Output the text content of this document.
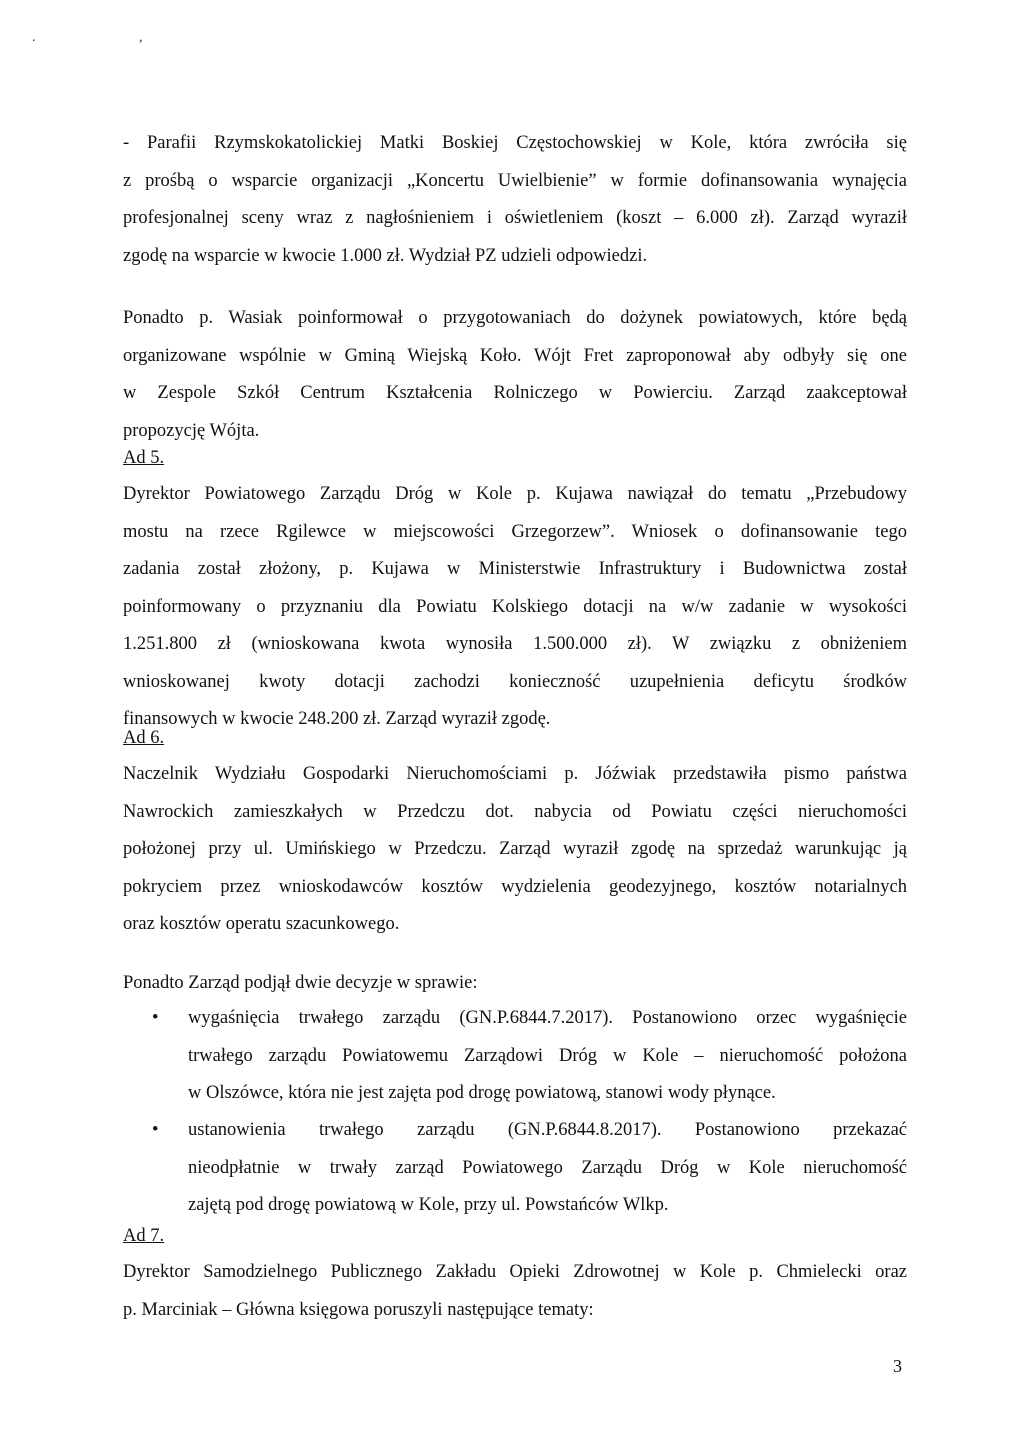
. ,
- Parafii Rzymskokatolickiej Matki Boskiej Częstochowskiej w Kole, która zwróciła się
z prośbą o wsparcie organizacji „Koncertu Uwielbienie” w formie dofinansowania wynajęcia
profesjonalnej sceny wraz z nagłośnieniem i oświetleniem (koszt – 6.000 zł). Zarząd wyraził
zgodę na wsparcie w kwocie 1.000 zł. Wydział PZ udzieli odpowiedzi.
Ponadto p. Wasiak poinformował o przygotowaniach do dożynek powiatowych, które będą
organizowane wspólnie w Gminą Wiejską Koło. Wójt Fret zaproponował aby odbyły się one
w Zespole Szkół Centrum Kształcenia Rolniczego w Powierciu. Zarząd zaakceptował
propozycję Wójta.
Ad 5.
Dyrektor Powiatowego Zarządu Dróg w Kole p. Kujawa nawiązał do tematu „Przebudowy
mostu na rzece Rgilewce w miejscowości Grzegorzew”. Wniosek o dofinansowanie tego
zadania został złożony, p. Kujawa w Ministerstwie Infrastruktury i Budownictwa został
poinformowany o przyznaniu dla Powiatu Kolskiego dotacji na w/w zadanie w wysokości
1.251.800 zł (wnioskowana kwota wynosiła 1.500.000 zł). W związku z obniżeniem
wnioskowanej kwoty dotacji zachodzi konieczność uzupełnienia deficytu środków
finansowych w kwocie 248.200 zł. Zarząd wyraził zgodę.
Ad 6.
Naczelnik Wydziału Gospodarki Nieruchomościami p. Jóźwiak przedstawiła pismo państwa
Nawrockich zamieszkałych w Przedczu dot. nabycia od Powiatu części nieruchomości
położonej przy ul. Umińskiego w Przedczu. Zarząd wyraził zgodę na sprzedaż warunkując ją
pokryciem przez wnioskodawców kosztów wydzielenia geodezyjnego, kosztów notarialnych
oraz kosztów operatu szacunkowego.
Ponadto Zarząd podjął dwie decyzje w sprawie:
•	wygaśnięcia trwałego zarządu (GN.P.6844.7.2017). Postanowiono orzec wygaśnięcie
trwałego zarządu Powiatowemu Zarządowi Dróg w Kole – nieruchomość położona
w Olszówce, która nie jest zajęta pod drogę powiatową, stanowi wody płynące.
•	ustanowienia trwałego zarządu (GN.P.6844.8.2017). Postanowiono przekazać
nieodpłatnie w trwały zarząd Powiatowego Zarządu Dróg w Kole nieruchomość
zajętą pod drogę powiatową w Kole, przy ul. Powstańców Wlkp.
Ad 7.
Dyrektor Samodzielnego Publicznego Zakładu Opieki Zdrowotnej w Kole p. Chmielecki oraz
p. Marciniak – Główna księgowa poruszyli następujące tematy:
3
